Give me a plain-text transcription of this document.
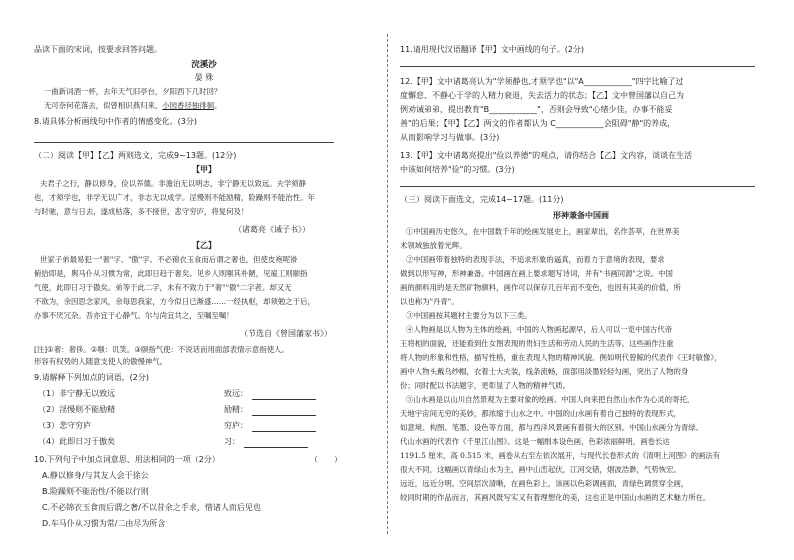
品读下面的宋词，按要求回答问题。
浣溪沙
晏 殊
一曲新词酒一杯，去年天气旧亭台，夕阳西下几时回？
无可奈何花落去，似曾相识燕归来，小园香径独徘徊。
8.请具体分析画线句中作者的情感变化。(3分)
（二）阅读【甲】【乙】两则选文，完成9~13题。(12分)
【甲】
夫君子之行，静以修身，俭以养德。非澹泊无以明志，非宁静无以致远。夫学须静
也，才须学也，非学无以广才，非志无以成学。淫慢则不能励精，险躁则不能治性。年
与时驰，意与日去，遂成枯落，多不接世，悲守穷庐，将复何及！
（诸葛亮《诫子书》）
【乙】
世家子弟最易犯一"奢"字、"傲"字。不必锦衣玉食而后谓之奢也，但使皮袍呢褂
俯拾即是，舆马仆从习惯为常，此即日趋于奢矣。见乡人则嗤其朴陋，见雇工则颐指
气使，此即日习于傲矣。弟等于此二字，未有不致力于"奢""傲"二字者。却又无
不欲为，余因思念家风，余每思我家，方今似日已渐盛……一经执枢，却须勉之于后，
办事不厌冗杂。吾亦宜于心静气。尔与尚宜共之，至嘱至嘱！
（节选自《曾国藩家书》）
[注]①奢：奢侈。②嗤：讥笑。③颐指气使：不说话而用面部表情示意指使人。
形容有权势的人随意支使人的傲慢神气。
9.请解释下列加点的词语。(2分)
（1）非宁静无以致远	致远：
（2）淫慢则不能励精	励精：
（3）悲守穷庐	穷庐：
（4）此即日习于傲矣	习：
10.下列句子中加点词意思、用法相同的一项（2分）	（　　）
A.静以修身/与其友人会于徐公
B.险躁则不能治性/不能以行则
C.不必锦衣玉食而后谓之奢/不以昔余之手求，惜诸人而后见也
D.车马仆从习惯为常/二由尽为所含
11.请用现代汉语翻译【甲】文中画线的句子。(2分)
12.【甲】文中诸葛亮认为"学须静也,才须学也"以"A____________"四字比喻了过
度懈怠、不静心于学的人精力衰退，失去活力的状态；【乙】文中曾国藩以自己为
例劝诫弟弟，提出教育"B____________"，否则会导致"心绪少佳，办事不能妥
善"的后果；【甲】【乙】两文的作者都认为 C____________会阻碍"静"的养成，
从而影响学习与做事。(3分)
13.【甲】文中诸葛亮提出"俭以养德"的观点，请你结合【乙】文内容，谈谈在生活
中该如何培养"俭"的习惯。(3分)
（三）阅读下面选文，完成14~17题。(11分)
形神兼备中国画
①中国画历史悠久，在中国数千年的绘画发展史上，画家辈出，名作荟萃，在世界美
术领域独放着光辉。
②中国画带着独特的表现手法，不追求形象的逼真，而着力于意境的表现，要求
做到以形写神，形神兼备。中国画在画上要求题写诗词，并有"书画同源"之说。中国
画的颜料用的是天然矿物颜料，画作可以保存几百年而不变色，也因有其美的价值，所
以也称为"丹青"。
③中国画按其题材主要分为以下三类。
④人物画是以人物为主体的绘画，中国的人物画起源早，后人可以一览中国古代帝
王将相的面貌，还能看到仕女图表现的贵妇生活和劳动人民的生活等。这些画作注重
将人物的形象和性格，描写性格，重在表现人物的精神风貌。例如明代曾鲸的代表作《王时敏像》，
画中人物头戴乌纱帽，衣着士大夫装，线条流畅，面部用淡墨轻轻勾画，突出了人物的身
份；同时配以书法题字，更彰显了人物的精神气质。
⑤山水画是以山川自然景观为主要对象的绘画。中国人向来把自然山水作为心灵的寄托，
天地宇宙间无穷的美妙，都浓缩于山水之中。中国的山水画有着自己独特的表现形式，
如意境、构图、笔墨、设色等方面，都与西洋风景画有着很大的区别。中国山水画分为青绿、
代山水画的代表作《千里江山图》。这是一幅绢本设色画，色彩浓丽鲜明，画卷长达
1191.5 厘米，高 0.515 米，画卷从右至左依次展开，与现代长卷形式的《清明上河图》的画法有
很大不同，这幅画以青绿山水为主，画中山峦起伏，江河交错，烟波浩渺，气势恢宏。
远近，远近分明。空间层次清晰，在画色彩上，该画以色彩调画面，青绿色调贯穿全画，
较同时期的作品而言，其画风既写实又有着理想化的美，这也正是中国山水画的艺术魅力所在。
